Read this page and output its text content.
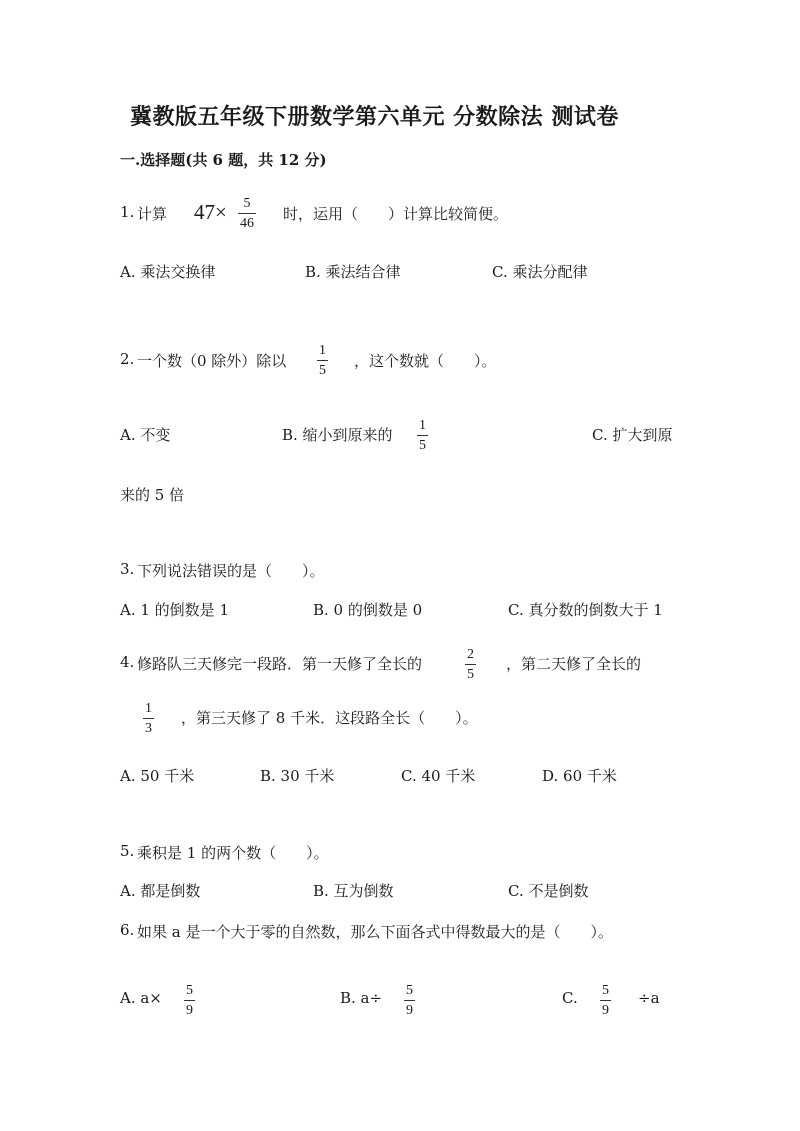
冀教版五年级下册数学第六单元 分数除法 测试卷
一.选择题(共 6 题，共 12 分)
1. 计算 $47\times \frac{5}{46}$ 时，运用（　　）计算比较简便。
A. 乘法交换律	B. 乘法结合律	C. 乘法分配律
2. 一个数（0 除外）除以 $\frac{1}{5}$ ，这个数就（　　）。
A. 不变	B. 缩小到原来的 $\frac{1}{5}$	C. 扩大到原
来的 5 倍
3. 下列说法错误的是（　　）。
A. 1 的倒数是 1	B. 0 的倒数是 0	C. 真分数的倒数大于 1
4. 修路队三天修完一段路．第一天修了全长的	$\frac{2}{5}$ ，第二天修了全长的
$\frac{1}{3}$ ，第三天修了 8 千米．这段路全长（　　）。
A. 50 千米	B. 30 千米	C. 40 千米	D. 60 千米
5. 乘积是 1 的两个数（　　）。
A. 都是倒数	B. 互为倒数	C. 不是倒数
6. 如果 a 是一个大于零的自然数，那么下面各式中得数最大的是（　　）。
A. $a\times \frac{5}{9}$	B. $a\div \frac{5}{9}$	C. $\frac{5}{9} \div a$
